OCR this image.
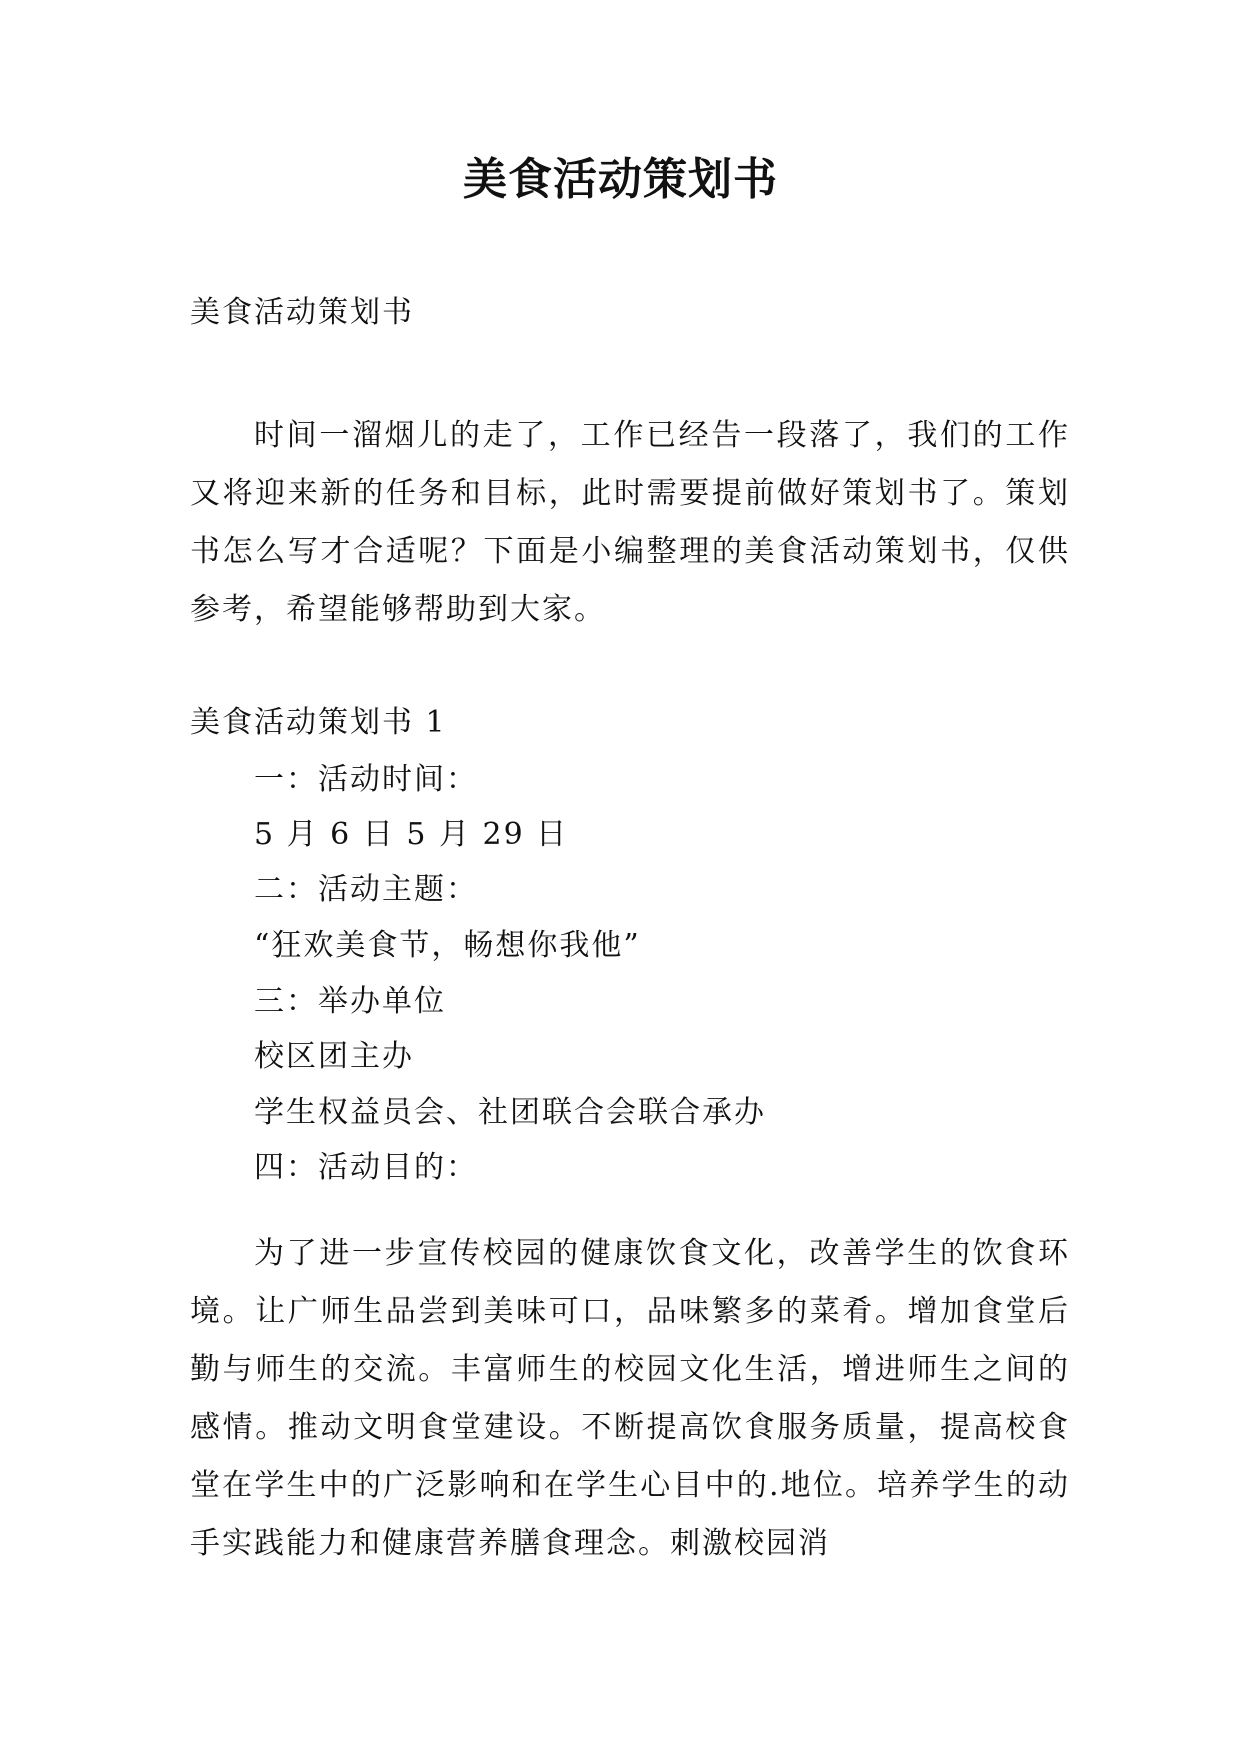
美食活动策划书

美食活动策划书

时间一溜烟儿的走了，工作已经告一段落了，我们的工作又将迎来新的任务和目标，此时需要提前做好策划书了。策划书怎么写才合适呢？下面是小编整理的美食活动策划书，仅供参考，希望能够帮助到大家。

美食活动策划书 1

一：活动时间：

5 月 6 日 5 月 29 日

二：活动主题：

“狂欢美食节，畅想你我他”

三：举办单位

校区团主办

学生权益员会、社团联合会联合承办

四：活动目的：

为了进一步宣传校园的健康饮食文化，改善学生的饮食环境。让广师生品尝到美味可口，品味繁多的菜肴。增加食堂后勤与师生的交流。丰富师生的校园文化生活，增进师生之间的感情。推动文明食堂建设。不断提高饮食服务质量，提高校食堂在学生中的广泛影响和在学生心目中的.地位。培养学生的动手实践能力和健康营养膳食理念。刺激校园消
